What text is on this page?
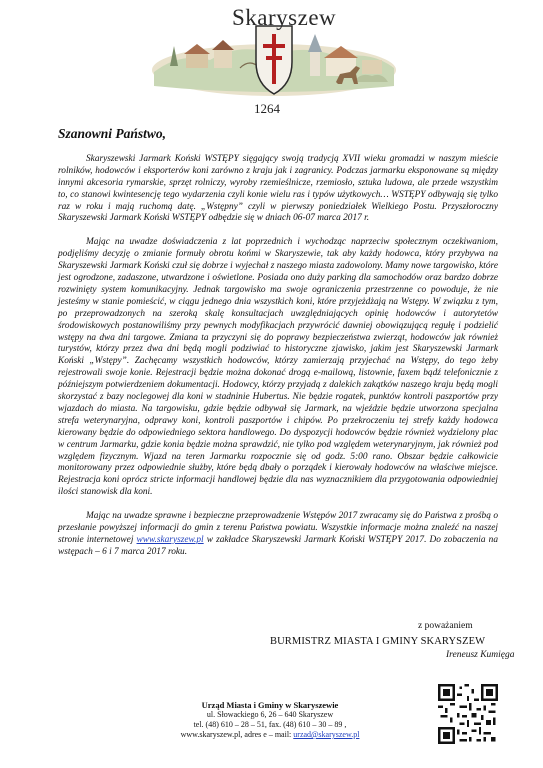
Skaryszew
1264
Szanowni Państwo,

Skaryszewski Jarmark Koński WSTĘPY sięgający swoją tradycją XVII wieku gromadzi w naszym mieście rolników, hodowców i eksporterów koni zarówno z kraju jak i zagranicy. Podczas jarmarku eksponowane są między innymi akcesoria rymarskie, sprzęt rolniczy, wyroby rzemieślnicze, rzemiosło, sztuka ludowa, ale przede wszystkim to, co stanowi kwintesencję tego wydarzenia czyli konie wielu ras i typów użytkowych… WSTĘPY odbywają się tylko raz w roku i mają ruchomą datę. „Wstępny” czyli w pierwszy poniedziałek Wielkiego Postu. Przyszłoroczny Skaryszewski Jarmark Koński WSTĘPY odbędzie się w dniach 06-07 marca 2017 r.

Mając na uwadze doświadczenia z lat poprzednich i wychodząc naprzeciw społecznym oczekiwaniom, podjęliśmy decyzję o zmianie formuły obrotu końmi w Skaryszewie, tak aby każdy hodowca, który przybywa na Skaryszewski Jarmark Koński czuł się dobrze i wyjechał z naszego miasta zadowolony. Mamy nowe targowisko, które jest ogrodzone, zadaszone, utwardzone i oświetlone. Posiada ono duży parking dla samochodów oraz bardzo dobrze rozwinięty system komunikacyjny. Jednak targowisko ma swoje ograniczenia przestrzenne co powoduje, że nie jesteśmy w stanie pomieścić, w ciągu jednego dnia wszystkich koni, które przyjeżdżają na Wstępy. W związku z tym, po przeprowadzonych na szeroką skalę konsultacjach uwzględniających opinię hodowców i autorytetów środowiskowych postanowiliśmy przy pewnych modyfikacjach przywrócić dawniej obowiązującą regułę i podzielić wstępy na dwa dni targowe. Zmiana ta przyczyni się do poprawy bezpieczeństwa zwierząt, hodowców jak również turystów, którzy przez dwa dni będą mogli podziwiać to historyczne zjawisko, jakim jest Skaryszewski Jarmark Koński „Wstępy”. Zachęcamy wszystkich hodowców, którzy zamierzają przyjechać na Wstępy, do tego żeby rejestrowali swoje konie. Rejestracji będzie można dokonać drogą e-mailową, listownie, faxem bądź telefonicznie z późniejszym potwierdzeniem dokumentacji. Hodowcy, którzy przyjadą z dalekich zakątków naszego kraju będą mogli skorzystać z bazy noclegowej dla koni w stadninie Hubertus. Nie będzie rogatek, punktów kontroli paszportów przy wjazdach do miasta. Na targowisku, gdzie będzie odbywał się Jarmark, na wjeździe będzie utworzona specjalna strefa weterynaryjna, odprawy koni, kontroli paszportów i chipów. Po przekroczeniu tej strefy każdy hodowca kierowany będzie do odpowiedniego sektora handlowego. Do dyspozycji hodowców będzie również wydzielony plac w centrum Jarmarku, gdzie konia będzie można sprawdzić, nie tylko pod względem weterynaryjnym, jak również pod względem fizycznym. Wjazd na teren Jarmarku rozpocznie się od godz. 5:00 rano. Obszar będzie całkowicie monitorowany przez odpowiednie służby, które będą dbały o porządek i kierowały hodowców na właściwe miejsce. Rejestracja koni oprócz stricte informacji handlowej będzie dla nas wyznacznikiem dla przygotowania odpowiedniej ilości stanowisk dla koni.

Mając na uwadze sprawne i bezpieczne przeprowadzenie Wstępów 2017 zwracamy się do Państwa z prośbą o przesłanie powyższej informacji do gmin z terenu Państwa powiatu. Wszystkie informacje można znaleźć na naszej stronie internetowej www.skaryszew.pl w zakładce Skaryszewski Jarmark Koński WSTĘPY 2017. Do zobaczenia na wstępach – 6 i 7 marca 2017 roku.

z poważaniem
BURMISTRZ MIASTA I GMINY SKARYSZEW
Ireneusz Kumięga
Urząd Miasta i Gminy w Skaryszewie
ul. Słowackiego 6, 26 – 640 Skaryszew
tel. (48) 610 – 28 – 51, fax. (48) 610 – 30 – 89 ,
www.skaryszew.pl, adres e – mail: urzad@skaryszew.pl
